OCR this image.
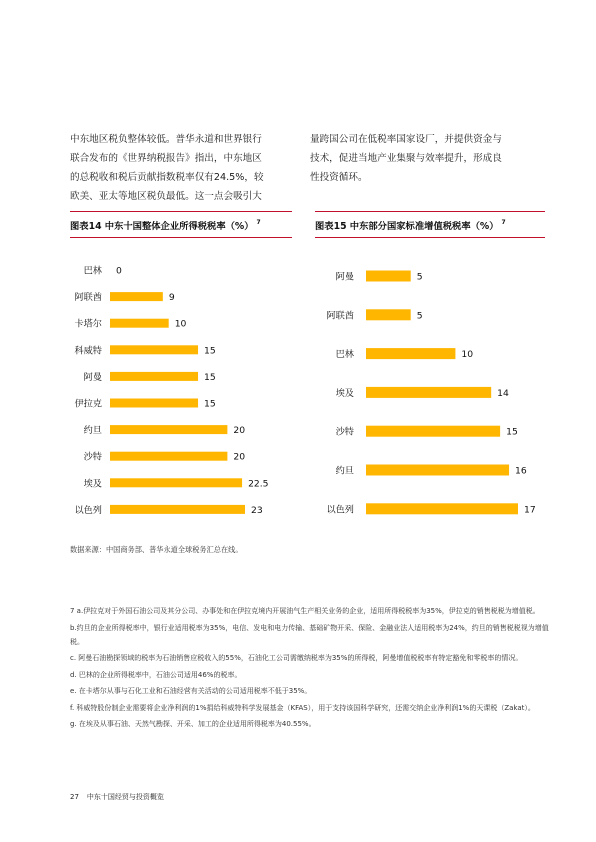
中东地区税负整体较低。普华永道和世界银行

联合发布的《世界纳税报告》指出，中东地区

的总税收和税后贡献指数税率仅有24.5%，较

欧美、亚太等地区税负最低。这一点会吸引大

量跨国公司在低税率国家设厂，并提供资金与

技术，促进当地产业集聚与效率提升，形成良

性投资循环。

图表14 中东十国整体企业所得税税率（%） $^7$	图表15 中东部分国家标准增值税税率（%） $^7$
巴林 0
阿联酋	9
卡塔尔	10
科威特	15
阿曼	15
伊拉克	15
约旦	20
沙特	20
埃及	22.5
以色列	23
阿曼	5
阿联酋	5
巴林	10
埃及	14
沙特	15
约旦	16
以色列	17
数据来源：中国商务部、普华永道全球税务汇总在线。

7 a.伊拉克对于外国石油公司及其分公司、办事处和在伊拉克境内开展油气生产相关业务的企业，适用所得税税率为35%，伊拉克的销售税税为增值税。

b.约旦的企业所得税率中，银行业适用税率为35%，电信、发电和电力传输、基础矿物开采、保险、金融业法人适用税率为24%，约旦的销售税税视为增值税。

c. 阿曼石油勘探领域的税率为石油销售应税收入的55%，石油化工公司需缴纳税率为35%的所得税，阿曼增值税税率有特定豁免和零税率的情况。

d. 巴林的企业所得税率中，石油公司适用46%的税率。

e. 在卡塔尔从事与石化工业和石油经营有关活动的公司适用税率不低于35%。

f. 科威特股份制企业需要将企业净利润的1%捐给科威特科学发展基金（KFAS），用于支持该国科学研究，还需交纳企业净利润1%的天课税（Zakat）。

g. 在埃及从事石油、天然气勘探、开采、加工的企业适用所得税率为40.55%。

27 中东十国经贸与投资概览
